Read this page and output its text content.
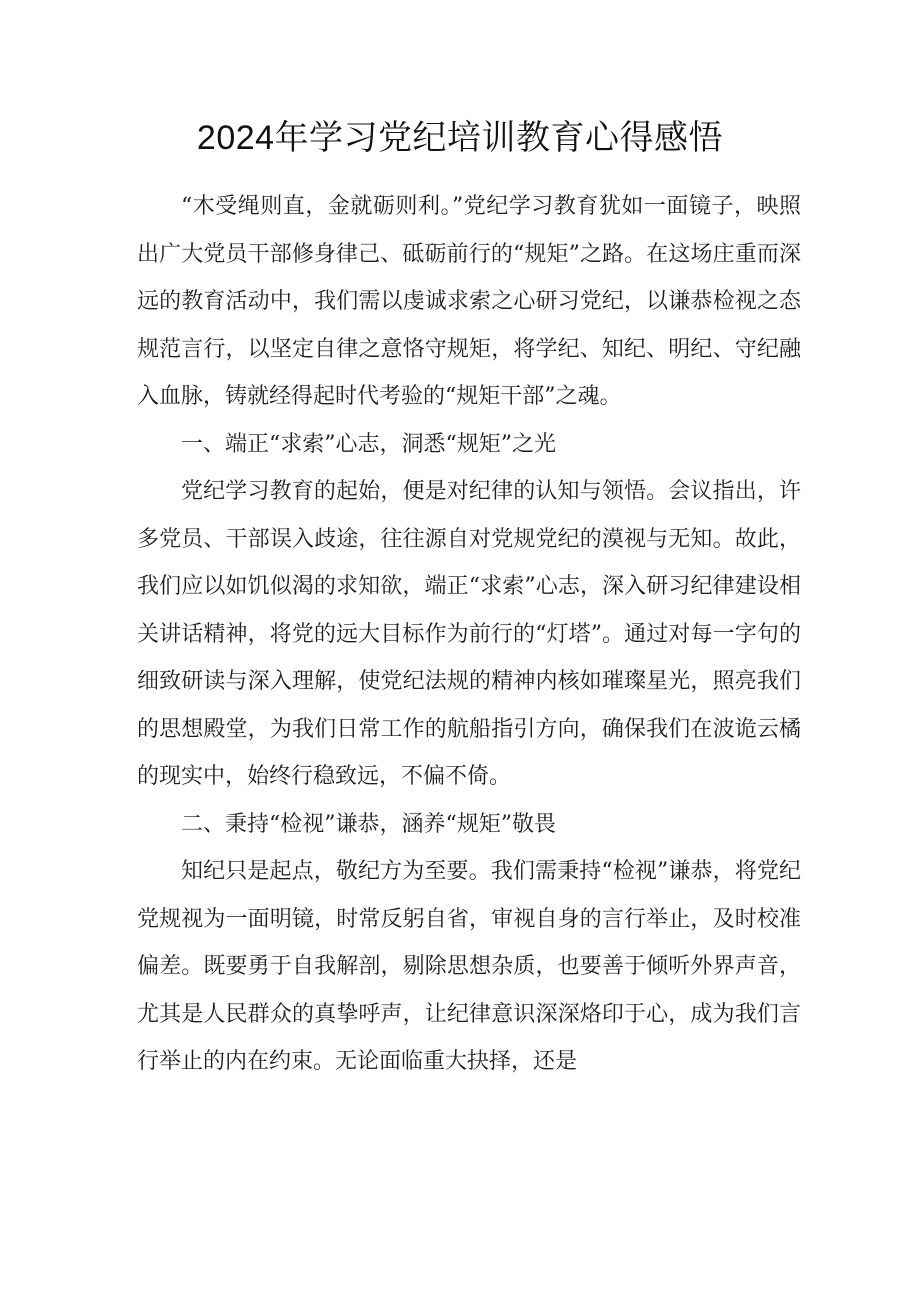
2024年学习党纪培训教育心得感悟

“木受绳则直，金就砺则利。”党纪学习教育犹如一面镜子，映照出广大党员干部修身律己、砥砺前行的“规矩”之路。在这场庄重而深远的教育活动中，我们需以虔诚求索之心研习党纪，以谦恭检视之态规范言行，以坚定自律之意恪守规矩，将学纪、知纪、明纪、守纪融入血脉，铸就经得起时代考验的“规矩干部”之魂。

一、端正“求索”心志，洞悉“规矩”之光

党纪学习教育的起始，便是对纪律的认知与领悟。会议指出，许多党员、干部误入歧途，往往源自对党规党纪的漠视与无知。故此，我们应以如饥似渴的求知欲，端正“求索”心志，深入研习纪律建设相关讲话精神，将党的远大目标作为前行的“灯塔”。通过对每一字句的细致研读与深入理解，使党纪法规的精神内核如璀璨星光，照亮我们的思想殿堂，为我们日常工作的航船指引方向，确保我们在波诡云橘的现实中，始终行稳致远，不偏不倚。

二、秉持“检视”谦恭，涵养“规矩”敬畏

知纪只是起点，敬纪方为至要。我们需秉持“检视”谦恭，将党纪党规视为一面明镜，时常反躬自省，审视自身的言行举止，及时校准偏差。既要勇于自我解剖，剔除思想杂质，也要善于倾听外界声音，尤其是人民群众的真挚呼声，让纪律意识深深烙印于心，成为我们言行举止的内在约束。无论面临重大抉择，还是
